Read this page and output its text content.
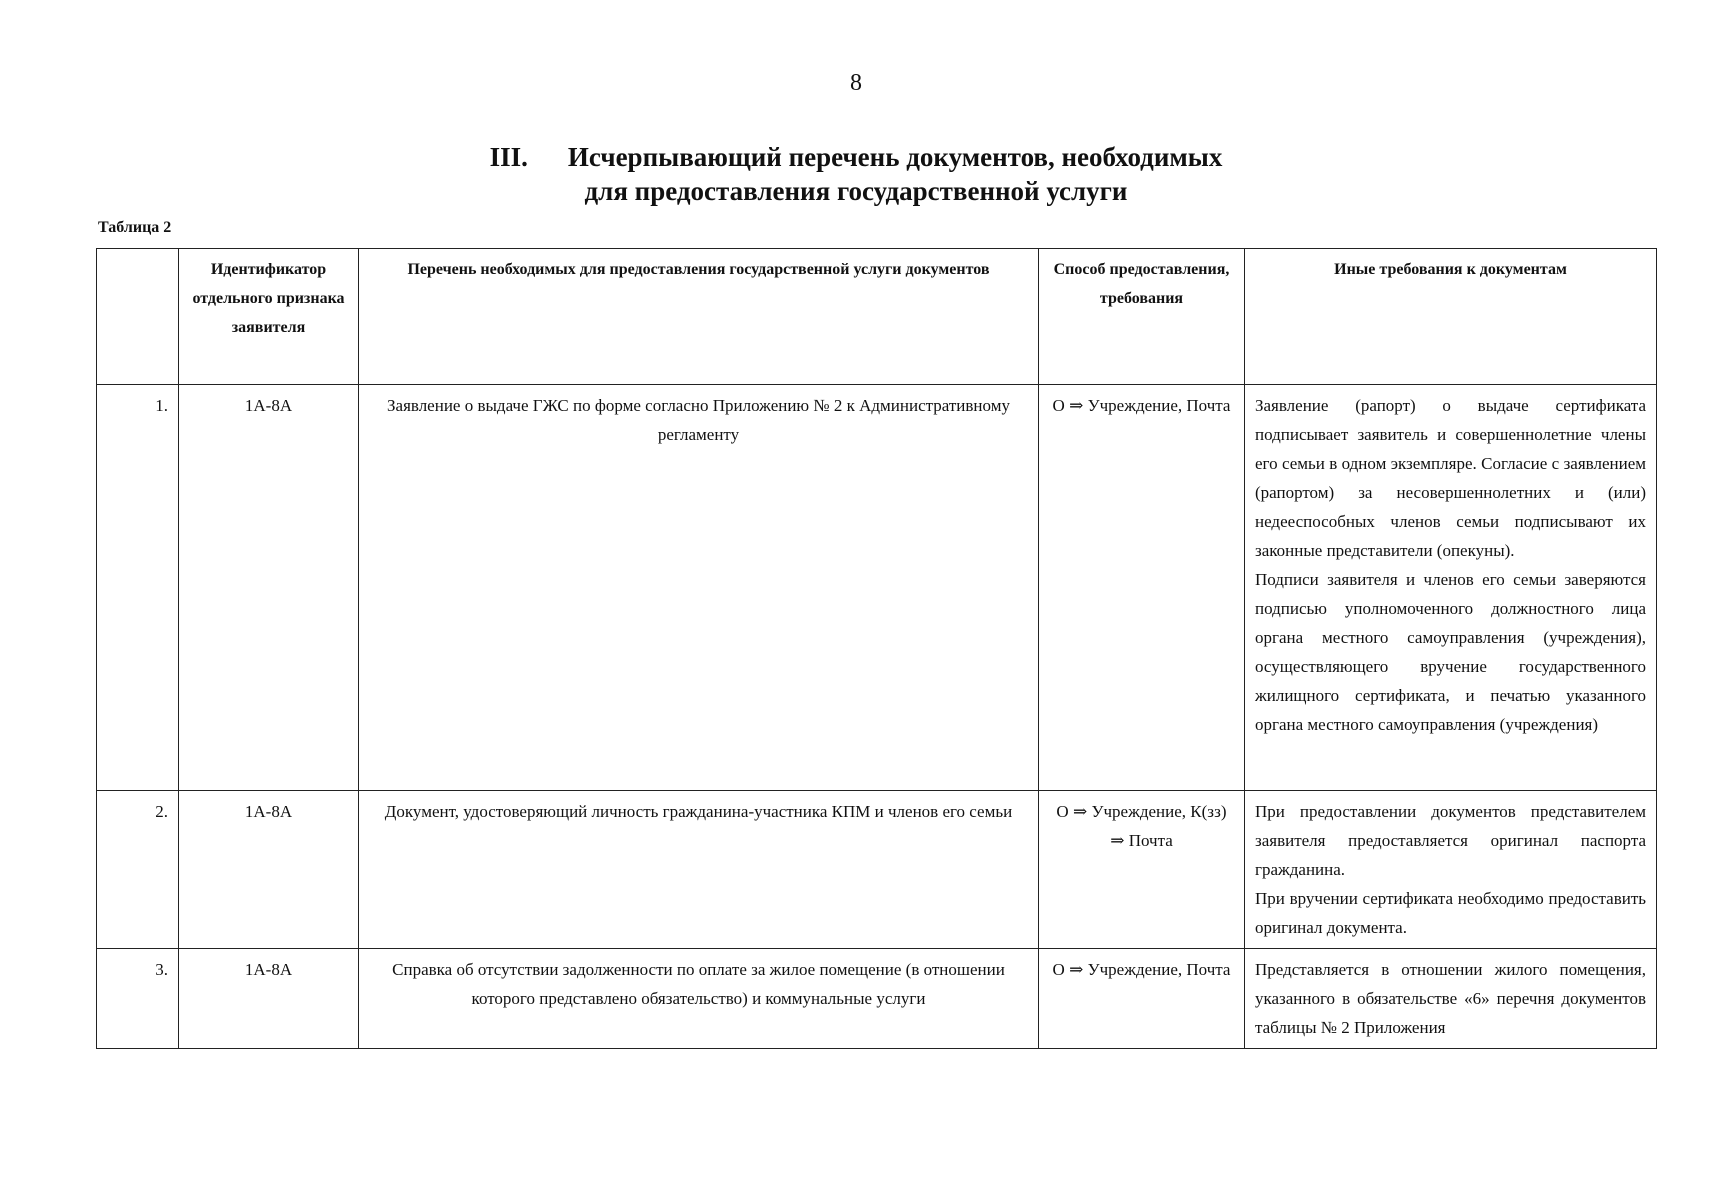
8
III. Исчерпывающий перечень документов, необходимых
для предоставления государственной услуги
Таблица 2
	Идентификатор отдельного признака заявителя	Перечень необходимых для предоставления государственной услуги документов	Способ предоставления, требования	Иные требования к документам
1.	1А-8А	Заявление о выдаче ГЖС по форме согласно Приложению № 2 к Административному регламенту	О ⇒ Учреждение, Почта	Заявление (рапорт) о выдаче сертификата подписывает заявитель и совершеннолетние члены его семьи в одном экземпляре. Согласие с заявлением (рапортом) за несовершеннолетних и (или) недееспособных членов семьи подписывают их законные представители (опекуны).

Подписи заявителя и членов его семьи заверяются подписью уполномоченного должностного лица органа местного самоуправления (учреждения), осуществляющего вручение государственного жилищного сертификата, и печатью указанного органа местного самоуправления (учреждения)

2.	1А-8А	Документ, удостоверяющий личность гражданина-участника КПМ и членов его семьи	О ⇒ Учреждение, К(зз) ⇒ Почта	При предоставлении документов представителем заявителя предоставляется оригинал паспорта гражданина.

При вручении сертификата необходимо предоставить оригинал документа.

3.	1А-8А	Справка об отсутствии задолженности по оплате за жилое помещение (в отношении которого представлено обязательство) и коммунальные услуги	О ⇒ Учреждение, Почта	Представляется в отношении жилого помещения, указанного в обязательстве «6» перечня документов таблицы № 2 Приложения
